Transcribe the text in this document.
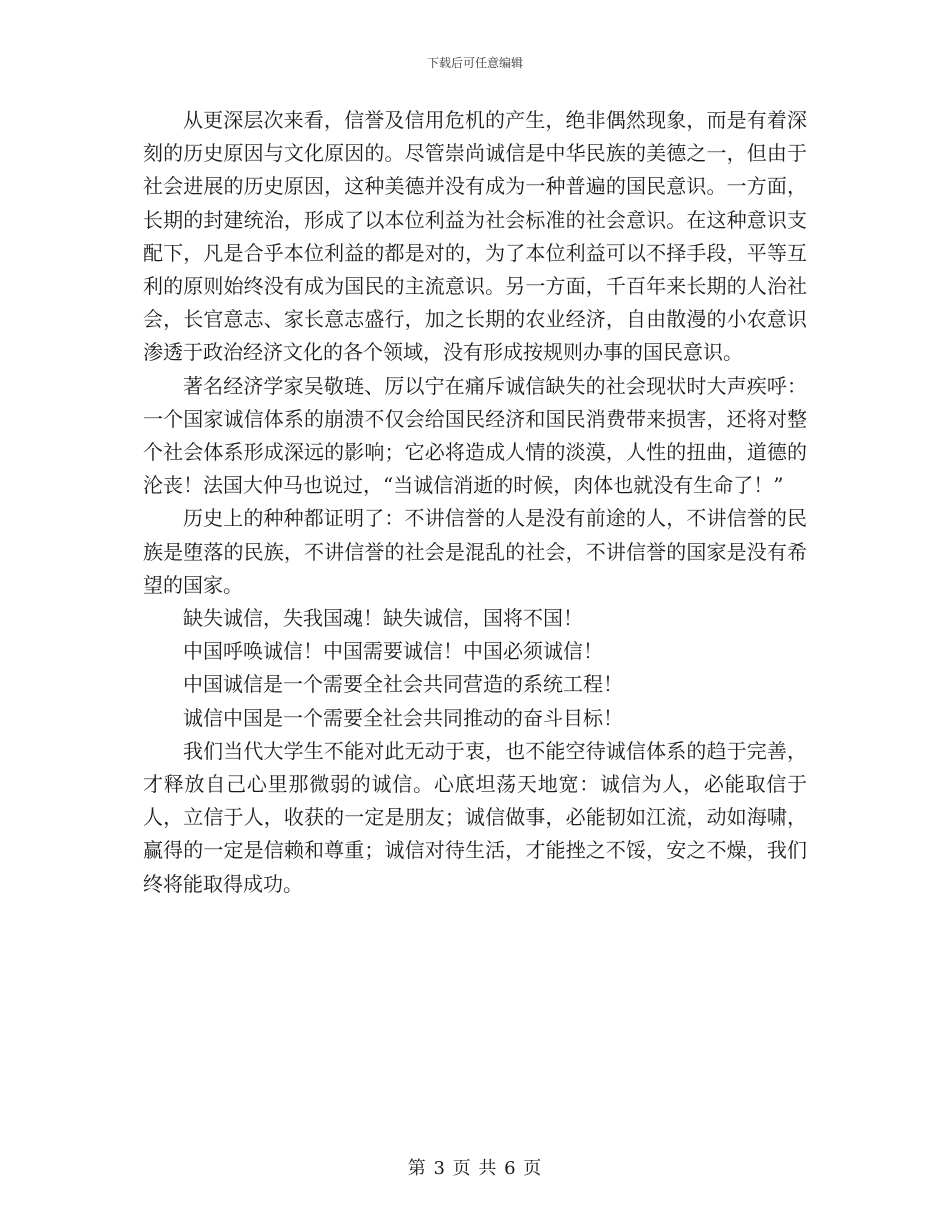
下载后可任意编辑

从更深层次来看，信誉及信用危机的产生，绝非偶然现象，而是有着深刻的历史原因与文化原因的。尽管崇尚诚信是中华民族的美德之一，但由于社会进展的历史原因，这种美德并没有成为一种普遍的国民意识。一方面，长期的封建统治，形成了以本位利益为社会标准的社会意识。在这种意识支配下，凡是合乎本位利益的都是对的，为了本位利益可以不择手段，平等互利的原则始终没有成为国民的主流意识。另一方面，千百年来长期的人治社会，长官意志、家长意志盛行，加之长期的农业经济，自由散漫的小农意识渗透于政治经济文化的各个领域，没有形成按规则办事的国民意识。

著名经济学家吴敬琏、厉以宁在痛斥诚信缺失的社会现状时大声疾呼：一个国家诚信体系的崩溃不仅会给国民经济和国民消费带来损害，还将对整个社会体系形成深远的影响；它必将造成人情的淡漠，人性的扭曲，道德的沦丧！法国大仲马也说过，“当诚信消逝的时候，肉体也就没有生命了！”

历史上的种种都证明了：不讲信誉的人是没有前途的人，不讲信誉的民族是堕落的民族，不讲信誉的社会是混乱的社会，不讲信誉的国家是没有希望的国家。

缺失诚信，失我国魂！缺失诚信，国将不国！

中国呼唤诚信！中国需要诚信！中国必须诚信！

中国诚信是一个需要全社会共同营造的系统工程！

诚信中国是一个需要全社会共同推动的奋斗目标！

我们当代大学生不能对此无动于衷，也不能空待诚信体系的趋于完善，才释放自己心里那微弱的诚信。心底坦荡天地宽：诚信为人，必能取信于人，立信于人，收获的一定是朋友；诚信做事，必能韧如江流，动如海啸，赢得的一定是信赖和尊重；诚信对待生活，才能挫之不馁，安之不燥，我们终将能取得成功。

第 3 页 共 6 页
